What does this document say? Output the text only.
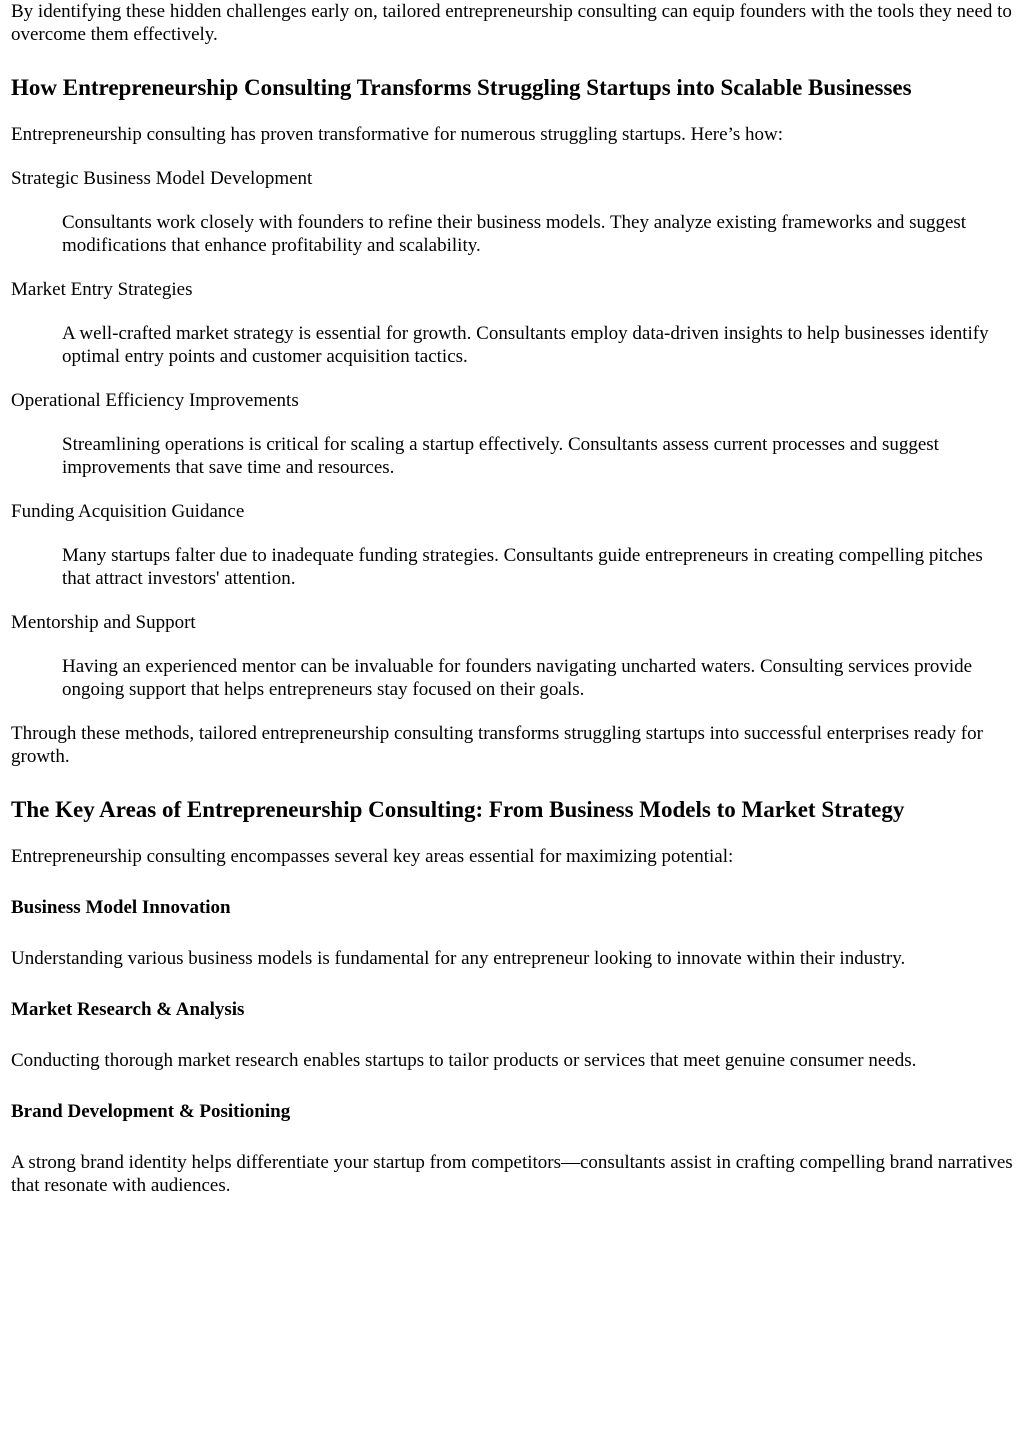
By identifying these hidden challenges early on, tailored entrepreneurship consulting can equip founders with the tools they need to overcome them effectively.

How Entrepreneurship Consulting Transforms Struggling Startups into Scalable Businesses

Entrepreneurship consulting has proven transformative for numerous struggling startups. Here’s how:

Strategic Business Model Development
Consultants work closely with founders to refine their business models. They analyze existing frameworks and suggest modifications that enhance profitability and scalability.
Market Entry Strategies
A well-crafted market strategy is essential for growth. Consultants employ data-driven insights to help businesses identify optimal entry points and customer acquisition tactics.
Operational Efficiency Improvements
Streamlining operations is critical for scaling a startup effectively. Consultants assess current processes and suggest improvements that save time and resources.
Funding Acquisition Guidance
Many startups falter due to inadequate funding strategies. Consultants guide entrepreneurs in creating compelling pitches that attract investors' attention.
Mentorship and Support
Having an experienced mentor can be invaluable for founders navigating uncharted waters. Consulting services provide ongoing support that helps entrepreneurs stay focused on their goals.

Through these methods, tailored entrepreneurship consulting transforms struggling startups into successful enterprises ready for growth.

The Key Areas of Entrepreneurship Consulting: From Business Models to Market Strategy

Entrepreneurship consulting encompasses several key areas essential for maximizing potential:

Business Model Innovation

Understanding various business models is fundamental for any entrepreneur looking to innovate within their industry.

Market Research & Analysis

Conducting thorough market research enables startups to tailor products or services that meet genuine consumer needs.

Brand Development & Positioning

A strong brand identity helps differentiate your startup from competitors—consultants assist in crafting compelling brand narratives that resonate with audiences.
